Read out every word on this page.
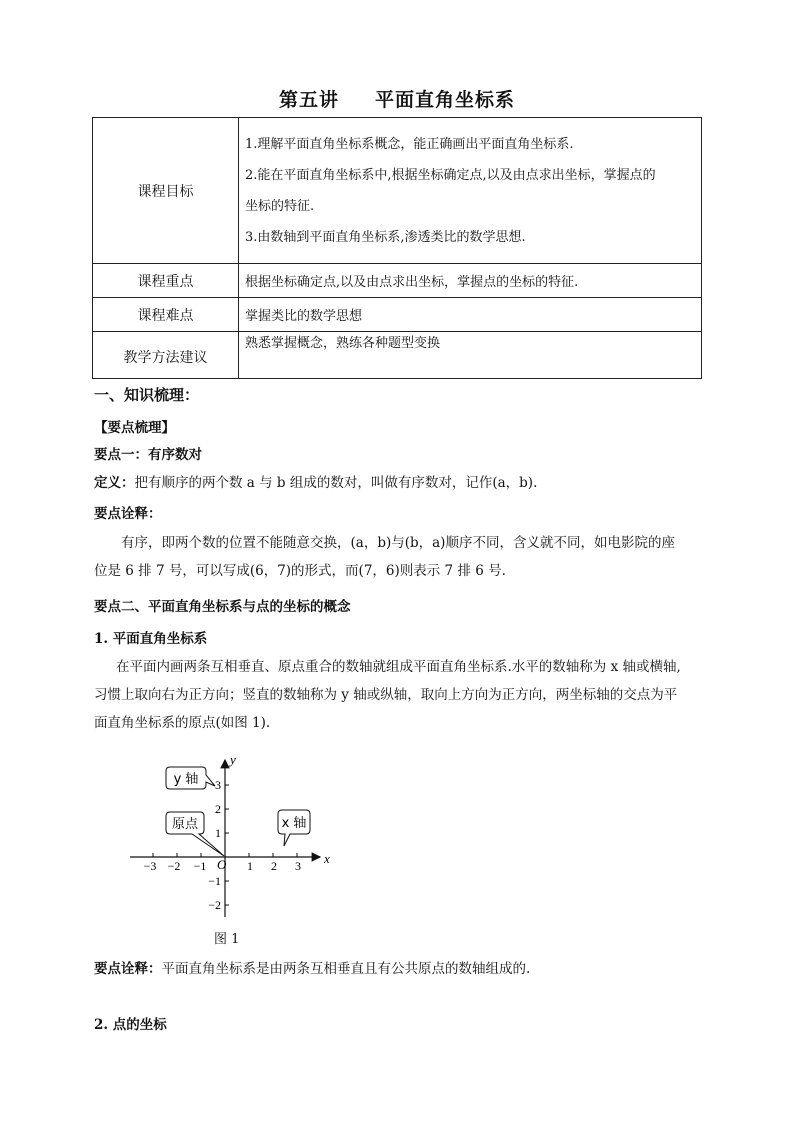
第五讲 平面直角坐标系
课程目标	1.理解平面直角坐标系概念，能正确画出平面直角坐标系.
2.能在平面直角坐标系中,根据坐标确定点,以及由点求出坐标，掌握点的
坐标的特征.
3.由数轴到平面直角坐标系,渗透类比的数学思想.

课程重点	根据坐标确定点,以及由点求出坐标，掌握点的坐标的特征.
课程难点	掌握类比的数学思想
教学方法建议	熟悉掌握概念，熟练各种题型变换
一、知识梳理：
【要点梳理】
要点一：有序数对
定义：把有顺序的两个数 a 与 b 组成的数对，叫做有序数对，记作(a，b).
要点诠释：
有序，即两个数的位置不能随意交换，(a，b)与(b，a)顺序不同，含义就不同，如电影院的座
位是 6 排 7 号，可以写成(6，7)的形式，而(7，6)则表示 7 排 6 号.
要点二、平面直角坐标系与点的坐标的概念
1. 平面直角坐标系
在平面内画两条互相垂直、原点重合的数轴就组成平面直角坐标系.水平的数轴称为 x 轴或横轴,
习惯上取向右为正方向；竖直的数轴称为 y 轴或纵轴，取向上方向为正方向，两坐标轴的交点为平
面直角坐标系的原点(如图 1).
x
y
O
−3 −2 −1	1 2 3
3
2
1
−1
−2
y 轴
x 轴
原点
图 1
要点诠释：平面直角坐标系是由两条互相垂直且有公共原点的数轴组成的.
2. 点的坐标
